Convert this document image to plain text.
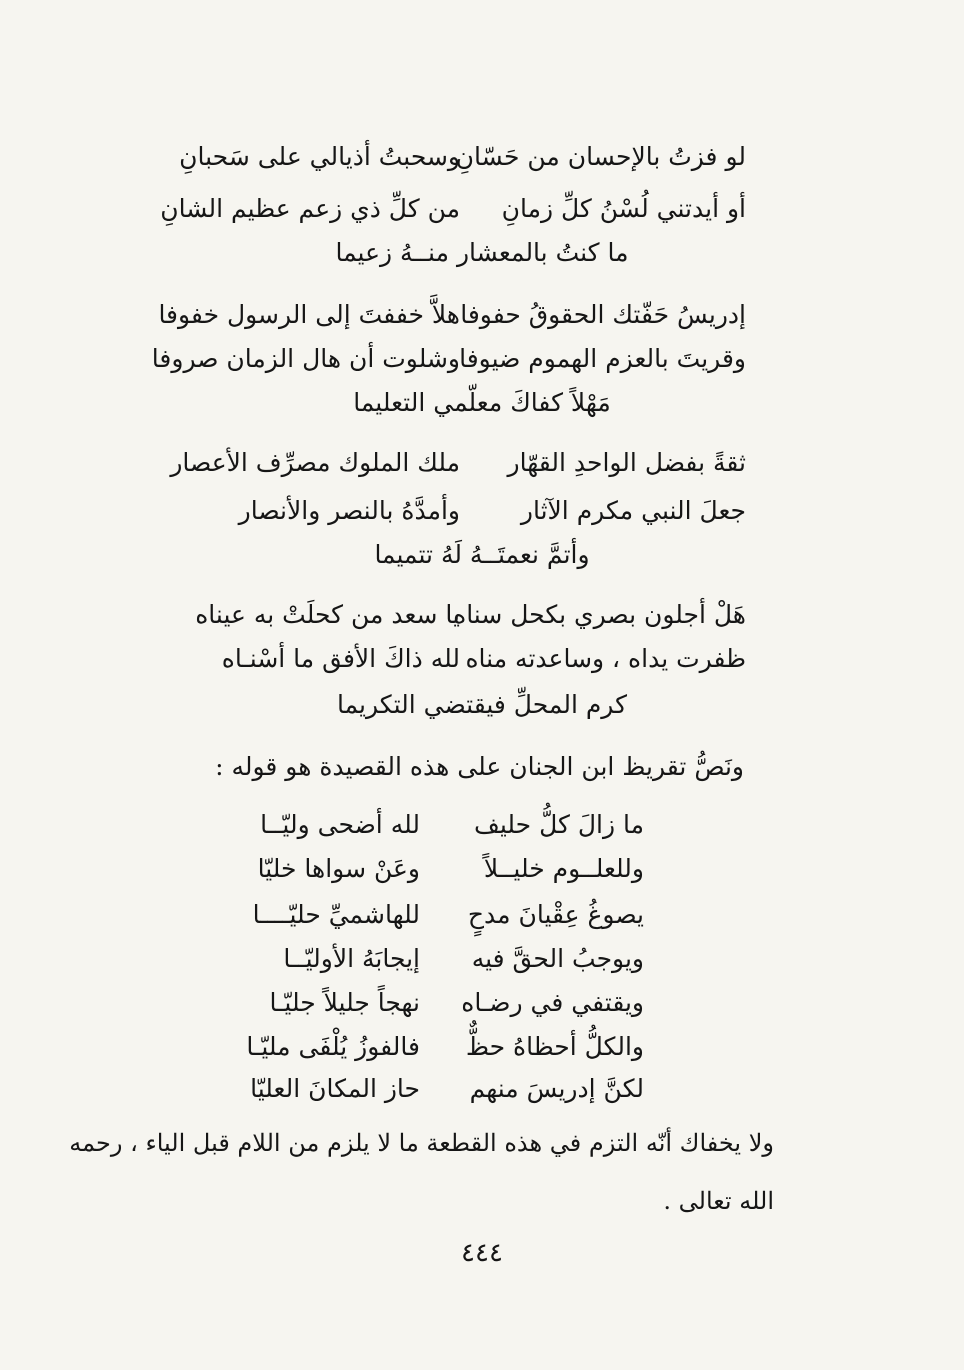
لو فزتُ بالإحسان من حَسّانِ
وسحبتُ أذيالي على سَحبانِ
أو أيدتني لُسْنُ كلِّ زمانِ
من كلِّ ذي زعم عظيم الشانِ
ما كنتُ بالمعشار منــهُ زعيما
إدريسُ حَفّتك الحقوقُ حفوفا
هلاَّ خففتَ إلى الرسول خفوفا
وقريتَ بالعزم الهموم ضيوفا
وشلوت أن هال الزمان صروفا
مَهْلاً كفاكَ معلّمي التعليما
ثقةً بفضل الواحدِ القهّار
ملك الملوك مصرِّف الأعصار
جعلَ النبي مكرم الآثار
وأمدَّهُ بالنصر والأنصار
وأتمَّ نعمتَــهُ لَهُ تتميما
هَلْ أجلون بصري بكحل سناه
يا سعد من كحلَتْ به عيناه
ظفرت يداه ، وساعدته مناه
لله ذاكَ الأفق ما أسْنـاه
كرم المحلِّ فيقتضي التكريما
ونَصُّ تقريظ ابن الجنان على هذه القصيدة هو قوله :
ما زالَ كلُّ حليف
لله أضحى وليّــا
وللعلــوم خليــلاً
وعَنْ سواها خليّا
يصوغُ عِقْيانَ مدحٍ
للهاشميِّ حليّــــا
ويوجبُ الحقَّ فيه
إيجابَهُ الأوليّــا
ويقتفي في رضـاه
نهجاً جليلاً جليّـا
والكلُّ أحظاهُ حظٌّ
فالفوزُ يُلْفَى مليّـا
لكنَّ إدريسَ منهم
حاز المكانَ العليّا
ولا يخفاك أنّه التزم في هذه القطعة ما لا يلزم من اللام قبل الياء ، رحمه
الله تعالى .
٤٤٤
